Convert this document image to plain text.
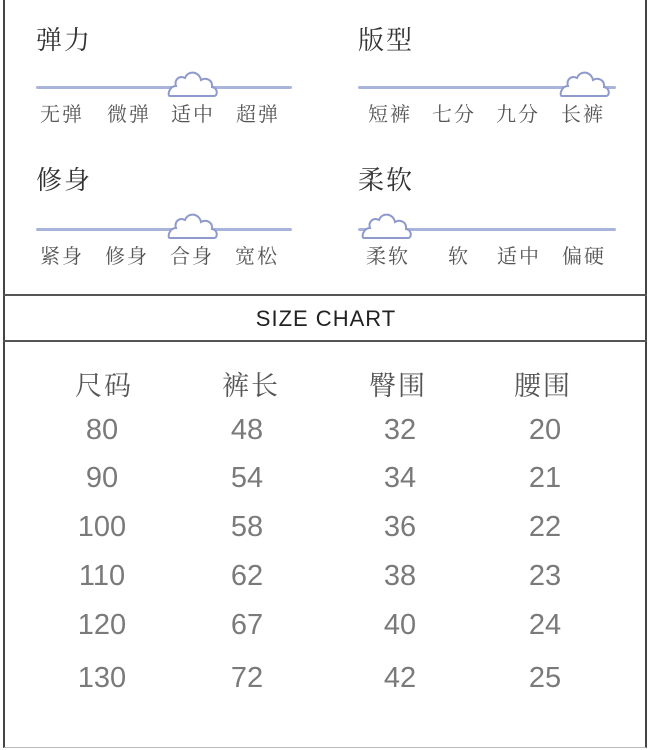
弹力
无弹 微弹 适中 超弹
版型
短裤 七分 九分 长裤
修身
紧身 修身 合身 宽松
柔软
柔软 软 适中 偏硬
SIZE CHART
尺码	裤长	臀围	腰围
80	48	32	20
90	54	34	21
100	58	36	22
110	62	38	23
120	67	40	24
130	72	42	25
